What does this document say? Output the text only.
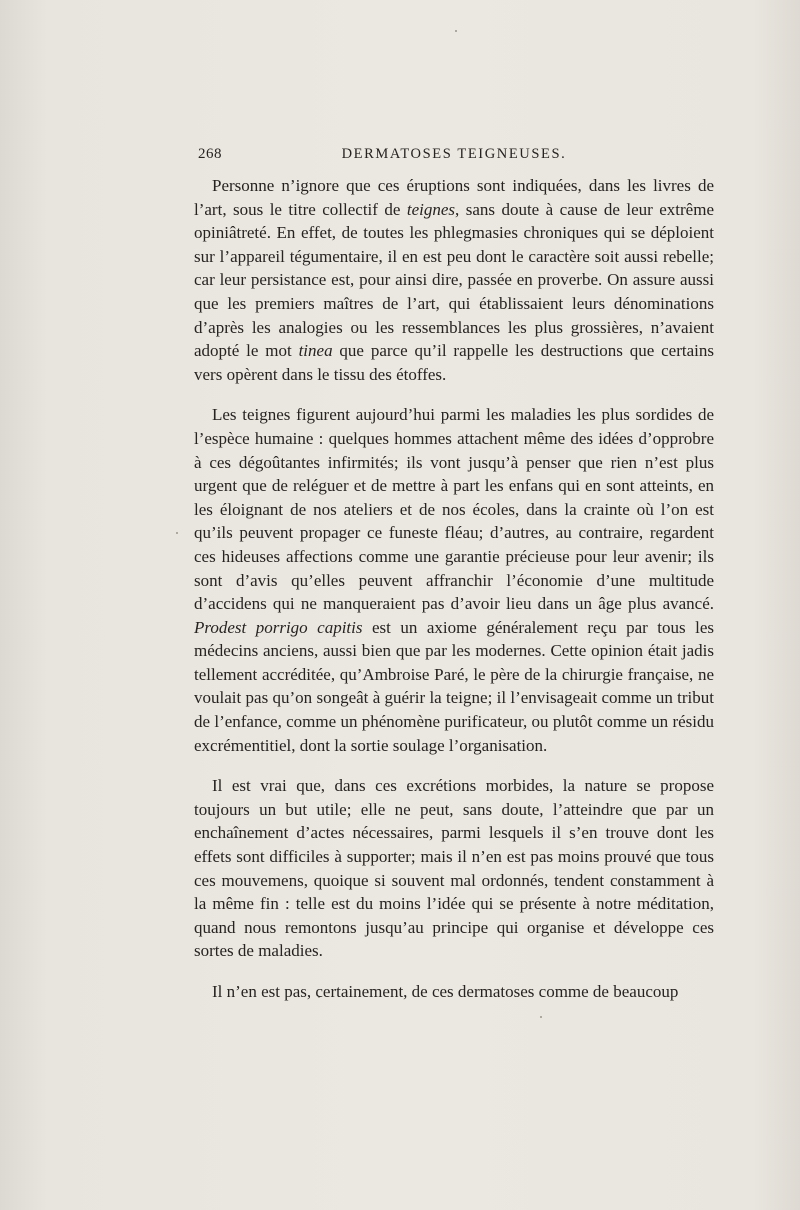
268	DERMATOSES TEIGNEUSES.

Personne n’ignore que ces éruptions sont indiquées, dans les livres de l’art, sous le titre collectif de teignes, sans doute à cause de leur extrême opiniâtreté. En effet, de toutes les phlegmasies chroniques qui se déploient sur l’appareil tégumentaire, il en est peu dont le caractère soit aussi rebelle; car leur persistance est, pour ainsi dire, passée en proverbe. On assure aussi que les premiers maîtres de l’art, qui établissaient leurs dénominations d’après les analogies ou les ressemblances les plus grossières, n’avaient adopté le mot tinea que parce qu’il rappelle les destructions que certains vers opèrent dans le tissu des étoffes.

Les teignes figurent aujourd’hui parmi les maladies les plus sordides de l’espèce humaine : quelques hommes attachent même des idées d’opprobre à ces dégoûtantes infirmités; ils vont jusqu’à penser que rien n’est plus urgent que de reléguer et de mettre à part les enfans qui en sont atteints, en les éloignant de nos ateliers et de nos écoles, dans la crainte où l’on est qu’ils peuvent propager ce funeste fléau; d’autres, au contraire, regardent ces hideuses affections comme une garantie précieuse pour leur avenir; ils sont d’avis qu’elles peuvent affranchir l’économie d’une multitude d’accidens qui ne manqueraient pas d’avoir lieu dans un âge plus avancé. Prodest porrigo capitis est un axiome généralement reçu par tous les médecins anciens, aussi bien que par les modernes. Cette opinion était jadis tellement accréditée, qu’Ambroise Paré, le père de la chirurgie française, ne voulait pas qu’on songeât à guérir la teigne; il l’envisageait comme un tribut de l’enfance, comme un phénomène purificateur, ou plutôt comme un résidu excrémentitiel, dont la sortie soulage l’organisation.

Il est vrai que, dans ces excrétions morbides, la nature se propose toujours un but utile; elle ne peut, sans doute, l’atteindre que par un enchaînement d’actes nécessaires, parmi lesquels il s’en trouve dont les effets sont difficiles à supporter; mais il n’en est pas moins prouvé que tous ces mouvemens, quoique si souvent mal ordonnés, tendent constamment à la même fin : telle est du moins l’idée qui se présente à notre méditation, quand nous remontons jusqu’au principe qui organise et développe ces sortes de maladies.

Il n’en est pas, certainement, de ces dermatoses comme de beaucoup
